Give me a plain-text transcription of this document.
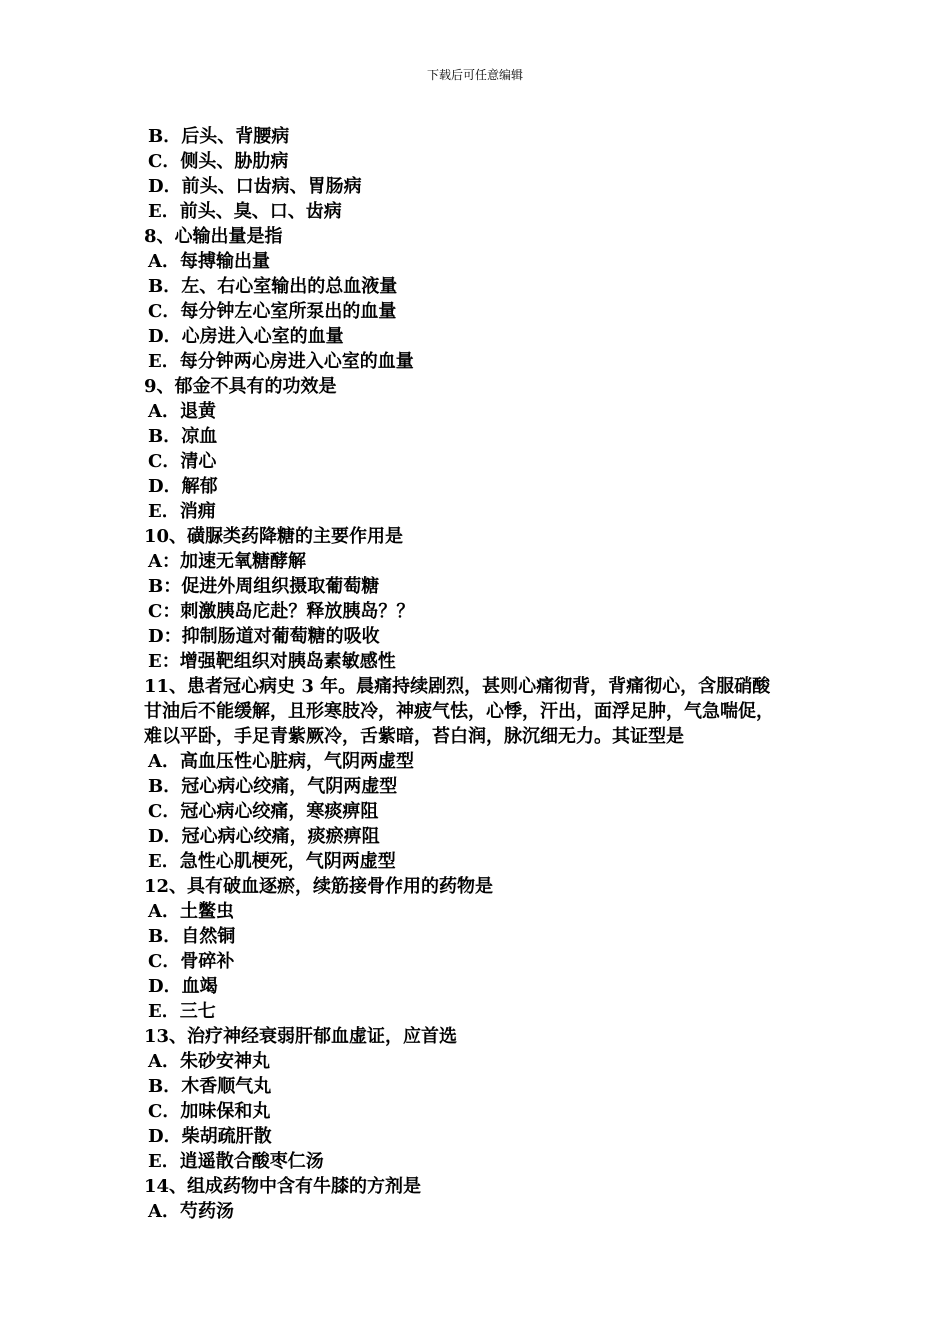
下载后可任意编辑
B．后头、背腰病
C．侧头、胁肋病
D．前头、口齿病、胃肠病
E．前头、臭、口、齿病
8、心输出量是指
A．每搏输出量
B．左、右心室输出的总血液量
C．每分钟左心室所泵出的血量
D．心房进入心室的血量
E．每分钟两心房进入心室的血量
9、郁金不具有的功效是
A．退黄
B．凉血
C．清心
D．解郁
E．消痈
10、磺脲类药降糖的主要作用是
A：加速无氧糖酵解
B：促进外周组织摄取葡萄糖
C：刺激胰岛庀赴？释放胰岛？？
D：抑制肠道对葡萄糖的吸收
E：增强靶组织对胰岛素敏感性
11、患者冠心病史 3 年。晨痛持续剧烈，甚则心痛彻背，背痛彻心，含服硝酸
甘油后不能缓解，且形寒肢冷，神疲气怯，心悸，汗出，面浮足肿，气急喘促，
难以平卧，手足青紫厥冷，舌紫暗，苔白润，脉沉细无力。其证型是
A．高血压性心脏病，气阴两虚型
B．冠心病心绞痛，气阴两虚型
C．冠心病心绞痛，寒痰痹阻
D．冠心病心绞痛，痰瘀痹阻
E．急性心肌梗死，气阴两虚型
12、具有破血逐瘀，续筋接骨作用的药物是
A．土鳖虫
B．自然铜
C．骨碎补
D．血竭
E．三七
13、治疗神经衰弱肝郁血虚证，应首选
A．朱砂安神丸
B．木香顺气丸
C．加味保和丸
D．柴胡疏肝散
E．逍遥散合酸枣仁汤
14、组成药物中含有牛膝的方剂是
A．芍药汤
